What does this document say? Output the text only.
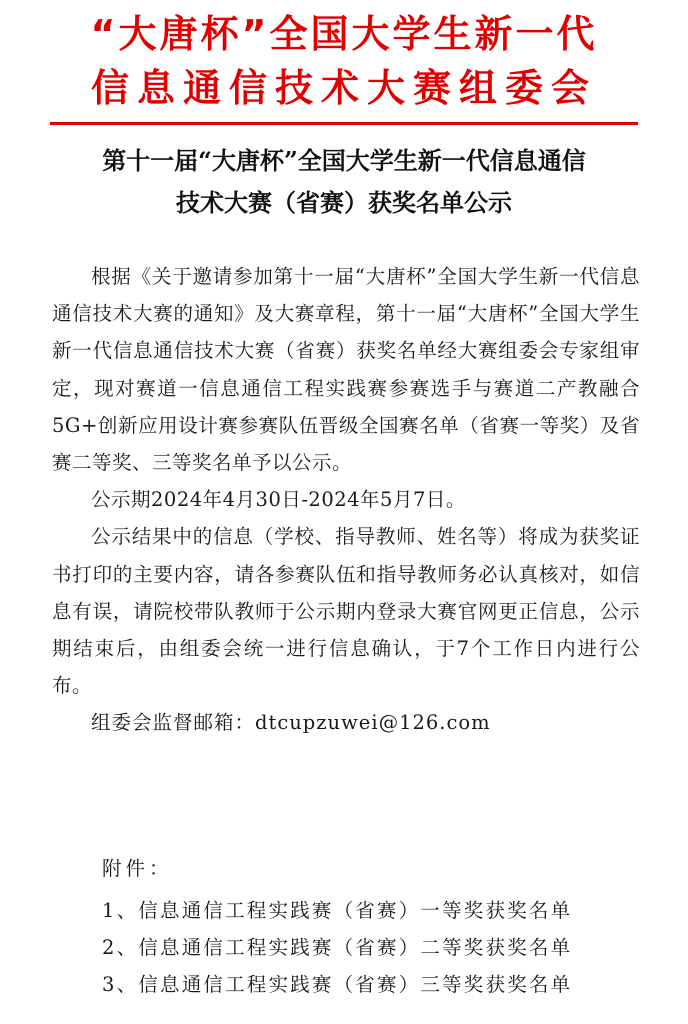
“大唐杯”全国大学生新一代
信息通信技术大赛组委会
第十一届“大唐杯”全国大学生新一代信息通信
技术大赛（省赛）获奖名单公示

根据《关于邀请参加第十一届“大唐杯”全国大学生新一代信息通信技术大赛的通知》及大赛章程，第十一届“大唐杯”全国大学生新一代信息通信技术大赛（省赛）获奖名单经大赛组委会专家组审定，现对赛道一信息通信工程实践赛参赛选手与赛道二产教融合5G+创新应用设计赛参赛队伍晋级全国赛名单（省赛一等奖）及省赛二等奖、三等奖名单予以公示。

公示期2024年4月30日-2024年5月7日。

公示结果中的信息（学校、指导教师、姓名等）将成为获奖证书打印的主要内容，请各参赛队伍和指导教师务必认真核对，如信息有误，请院校带队教师于公示期内登录大赛官网更正信息，公示期结束后，由组委会统一进行信息确认，于7个工作日内进行公布。

组委会监督邮箱：dtcupzuwei@126.com

附件：
1、信息通信工程实践赛（省赛）一等奖获奖名单
2、信息通信工程实践赛（省赛）二等奖获奖名单
3、信息通信工程实践赛（省赛）三等奖获奖名单
